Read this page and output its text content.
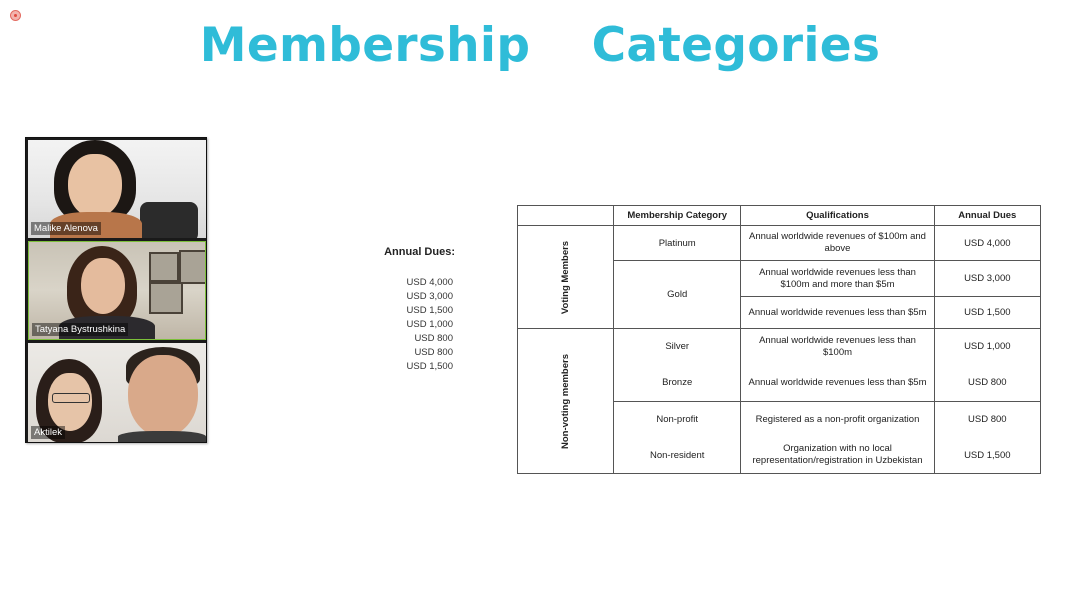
Membership  Categories
Malike Alenova
Tatyana Bystrushkina
Aktilek
Annual Dues:
USD 4,000
USD 3,000
USD 1,500
USD 1,000
USD 800
USD 800
USD 1,500
	Membership Category	Qualifications	Annual Dues
Voting Members	Platinum	Annual worldwide revenues of $100m and above	USD 4,000
	Gold	Annual worldwide revenues less than $100m and more than $5m	USD 3,000
		Annual worldwide revenues less than $5m	USD 1,500
Non-voting members	Silver	Annual worldwide revenues less than $100m	USD 1,000
	Bronze	Annual worldwide revenues less than $5m	USD 800
	Non-profit	Registered as a non-profit organization	USD 800
	Non-resident	Organization with no local representation/registration in Uzbekistan	USD 1,500
